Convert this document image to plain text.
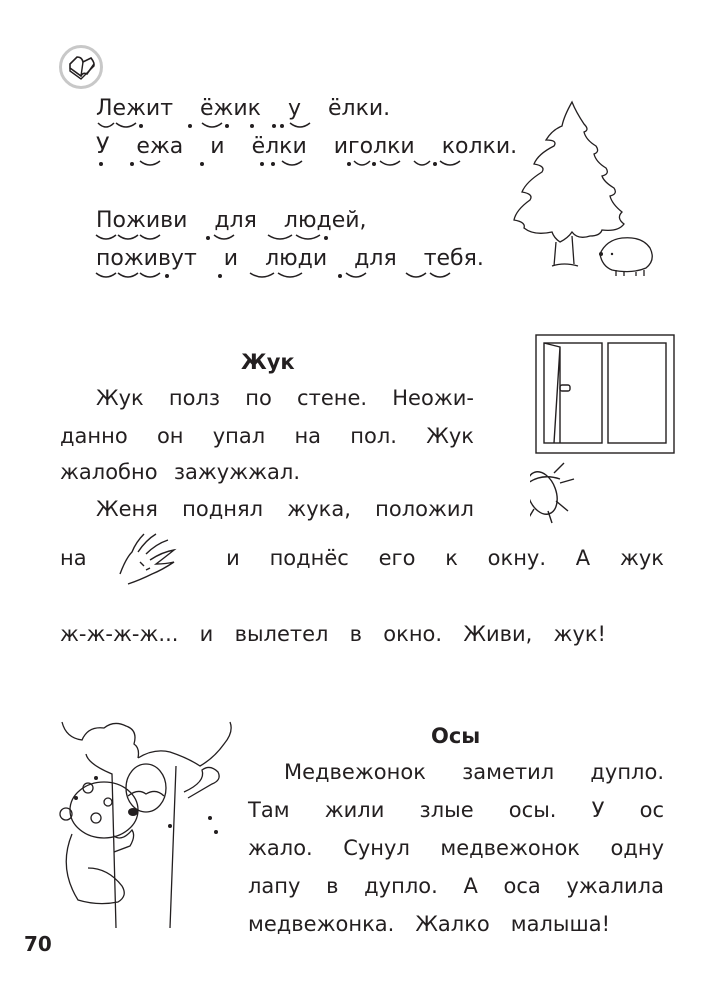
Лежит ёжик у ёлки.
У ежа и ёлки иголки колки.
Поживи для людей,
поживут и люди для тебя.
Жук
Жук полз по стене. Неожи-
данно он упал на пол. Жук
жалобно зажужжал.
Женя поднял жука, положил
на	и поднёс его к окну. А жук
ж-ж-ж-ж... и вылетел в окно. Живи, жук!
Осы
Медвежонок заметил дупло.
Там жили злые осы. У ос
жало. Сунул медвежонок одну
лапу в дупло. А оса ужалила
медвежонка. Жалко малыша!
70
